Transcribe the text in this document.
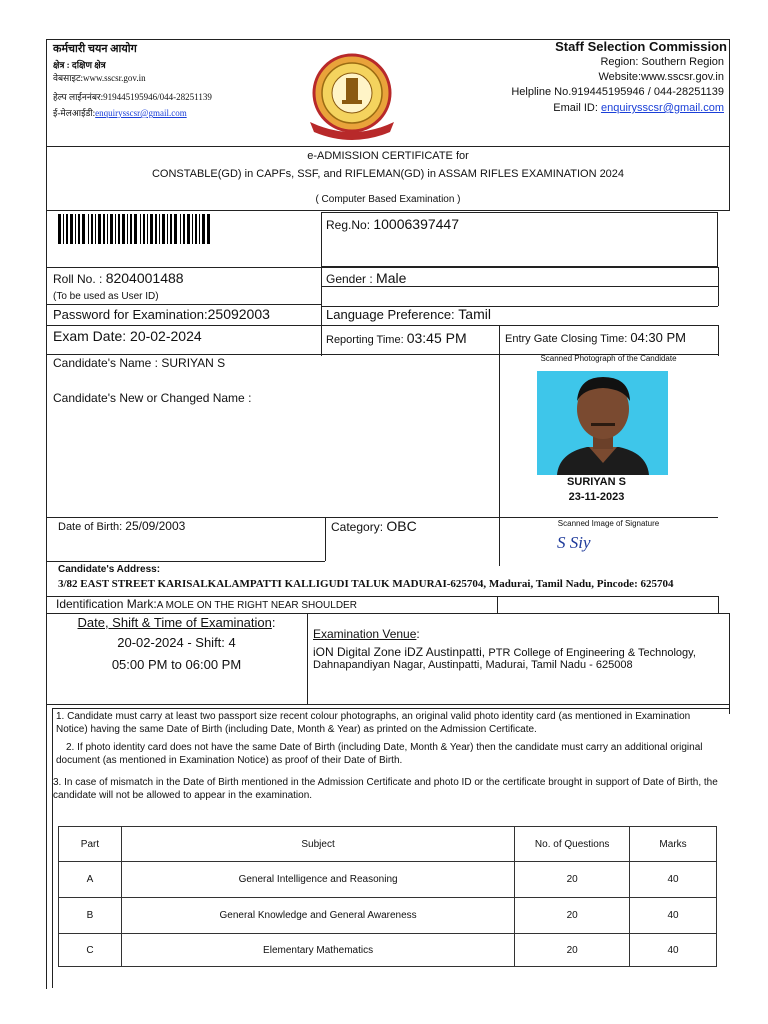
कर्मचारी चयन आयोग
क्षेत्र : दक्षिण क्षेत्र
वेबसाइट:www.sscsr.gov.in
हेल्प लाईननंबर:919445195946/044-28251139
ई-मेलआईडी:enquirysscsr@gmail.com
Staff Selection Commission
Region: Southern Region
Website:www.sscsr.gov.in
Helpline No.919445195946 / 044-28251139
Email ID: enquirysscsr@gmail.com
e-ADMISSION CERTIFICATE for
CONSTABLE(GD) in CAPFs, SSF, and RIFLEMAN(GD) in ASSAM RIFLES EXAMINATION 2024
( Computer Based Examination )
Reg.No: 10006397447
Roll No. : 8204001488
(To be used as User ID)
Gender : Male
Password for Examination:25092003	Language Preference: Tamil
Exam Date: 20-02-2024	Reporting Time: 03:45 PM	Entry Gate Closing Time: 04:30 PM
Candidate's Name : SURIYAN S
Candidate's New or Changed Name :
Scanned Photograph of the Candidate
SURIYAN S
23-11-2023
Date of Birth: 25/09/2003	Category: OBC	Scanned Image of Signature
S Siy
Candidate's Address:
3/82 EAST STREET KARISALKALAMPATTI KALLIGUDI TALUK MADURAI-625704, Madurai, Tamil Nadu, Pincode: 625704
Identification Mark:A MOLE ON THE RIGHT NEAR SHOULDER
Date, Shift & Time of Examination:
20-02-2024 - Shift: 4
05:00 PM to 06:00 PM
Examination Venue:
iON Digital Zone iDZ Austinpatti, PTR College of Engineering & Technology,
Dahnapandiyan Nagar, Austinpatti, Madurai, Tamil Nadu - 625008
1. Candidate must carry at least two passport size recent colour photographs, an original valid photo identity card (as mentioned in Examination Notice) having the same Date of Birth (including Date, Month & Year) as printed on the Admission Certificate.
2. If photo identity card does not have the same Date of Birth (including Date, Month & Year) then the candidate must carry an additional original document (as mentioned in Examination Notice) as proof of their Date of Birth.
3. In case of mismatch in the Date of Birth mentioned in the Admission Certificate and photo ID or the certificate brought in support of Date of Birth, the candidate will not be allowed to appear in the examination.
Part	Subject	No. of Questions	Marks
A	General Intelligence and Reasoning	20	40
B	General Knowledge and General Awareness	20	40
C	Elementary Mathematics	20	40
